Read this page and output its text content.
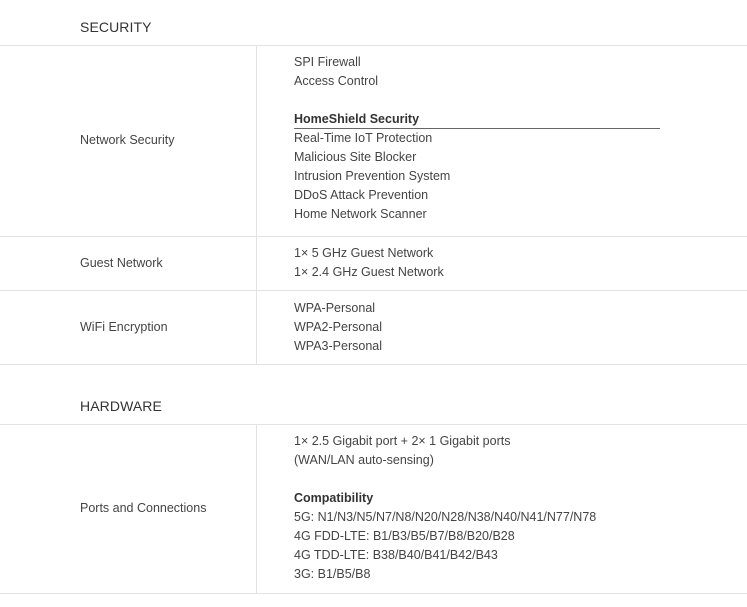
SECURITY
Network Security
SPI Firewall
Access Control
HomeShield Security
Real-Time IoT Protection
Malicious Site Blocker
Intrusion Prevention System
DDoS Attack Prevention
Home Network Scanner
Guest Network
1× 5 GHz Guest Network
1× 2.4 GHz Guest Network
WiFi Encryption
WPA-Personal
WPA2-Personal
WPA3-Personal
HARDWARE
Ports and Connections
1× 2.5 Gigabit port + 2× 1 Gigabit ports
(WAN/LAN auto-sensing)
Compatibility
5G: N1/N3/N5/N7/N8/N20/N28/N38/N40/N41/N77/N78
4G FDD-LTE: B1/B3/B5/B7/B8/B20/B28
4G TDD-LTE: B38/B40/B41/B42/B43
3G: B1/B5/B8
